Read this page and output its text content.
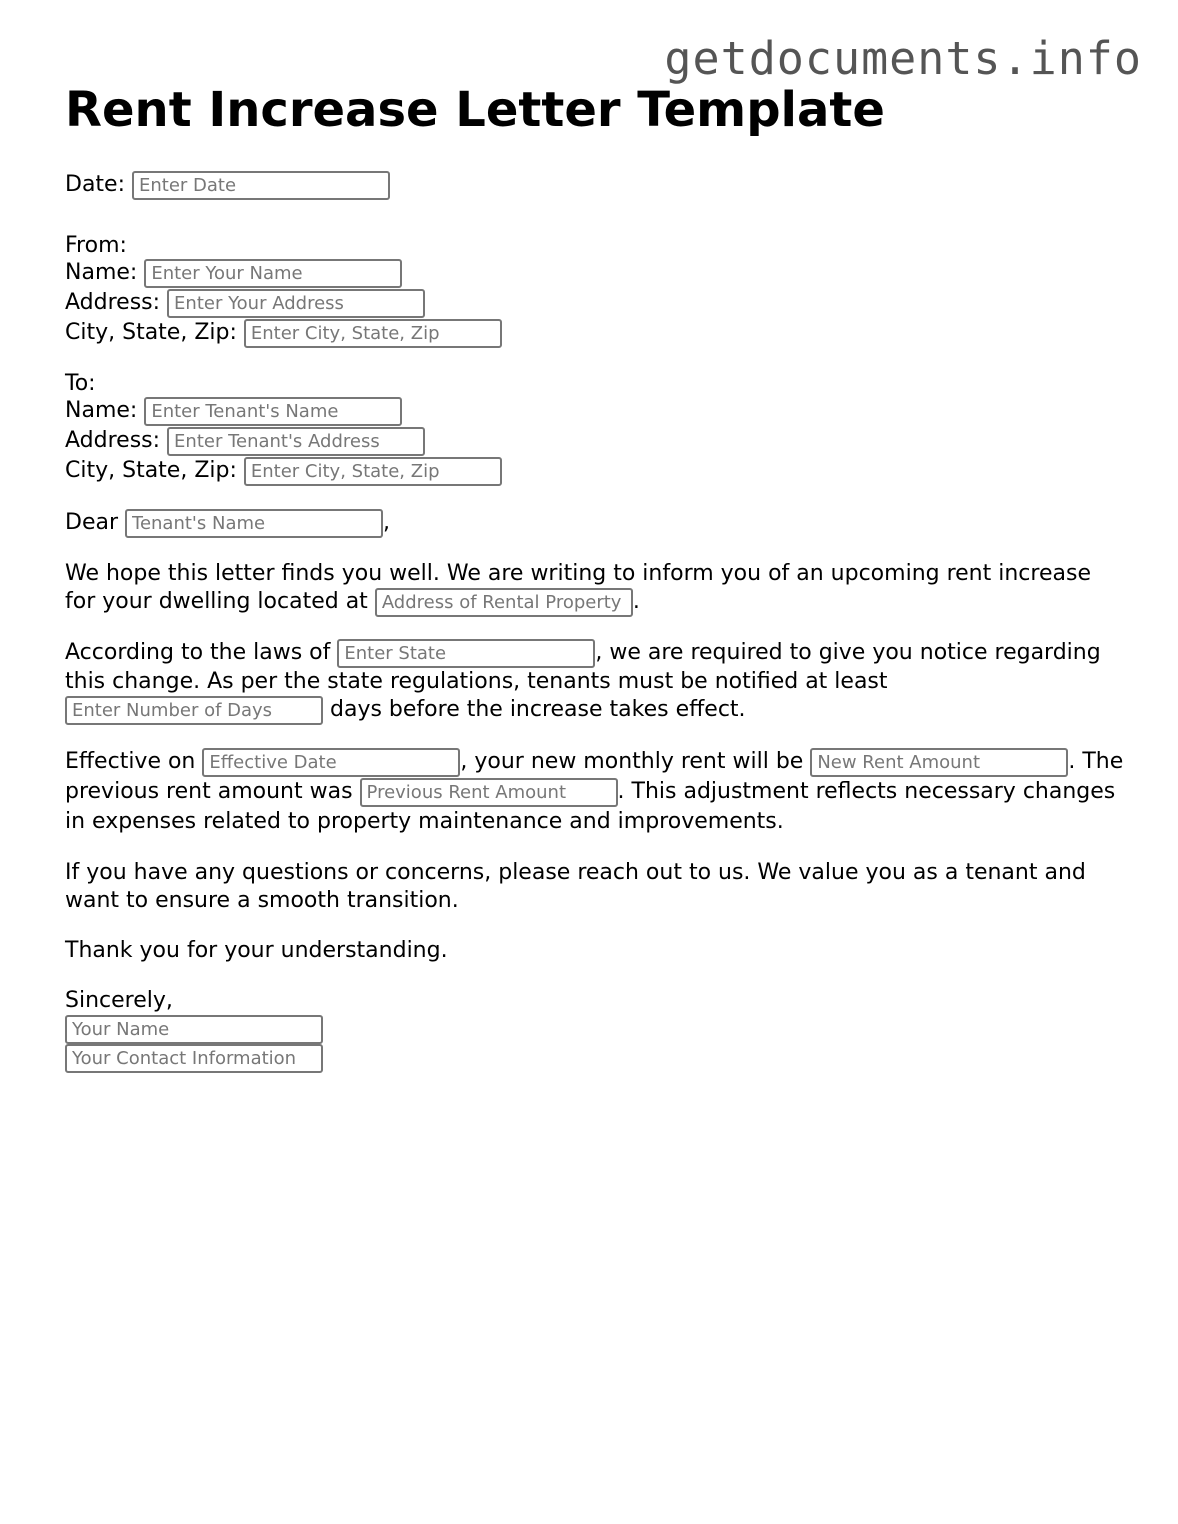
getdocuments.info
Rent Increase Letter Template
Date: Enter Date
From:
Name: Enter Your Name
Address: Enter Your Address
City, State, Zip: Enter City, State, Zip
To:
Name: Enter Tenant's Name
Address: Enter Tenant's Address
City, State, Zip: Enter City, State, Zip
Dear Tenant's Name	,
We hope this letter finds you well. We are writing to inform you of an upcoming rent increase for your dwelling located at Address of Rental Property	.
According to the laws of Enter State	, we are required to give you notice regarding this change. As per the state regulations, tenants must be notified at least Enter Number of Days days before the increase takes effect.
Effective on Effective Date	, your new monthly rent will be New Rent Amount	. The previous rent amount was Previous Rent Amount	. This adjustment reflects necessary changes in expenses related to property maintenance and improvements.
If you have any questions or concerns, please reach out to us. We value you as a tenant and want to ensure a smooth transition.
Thank you for your understanding.
Sincerely,
Your Name
Your Contact Information
